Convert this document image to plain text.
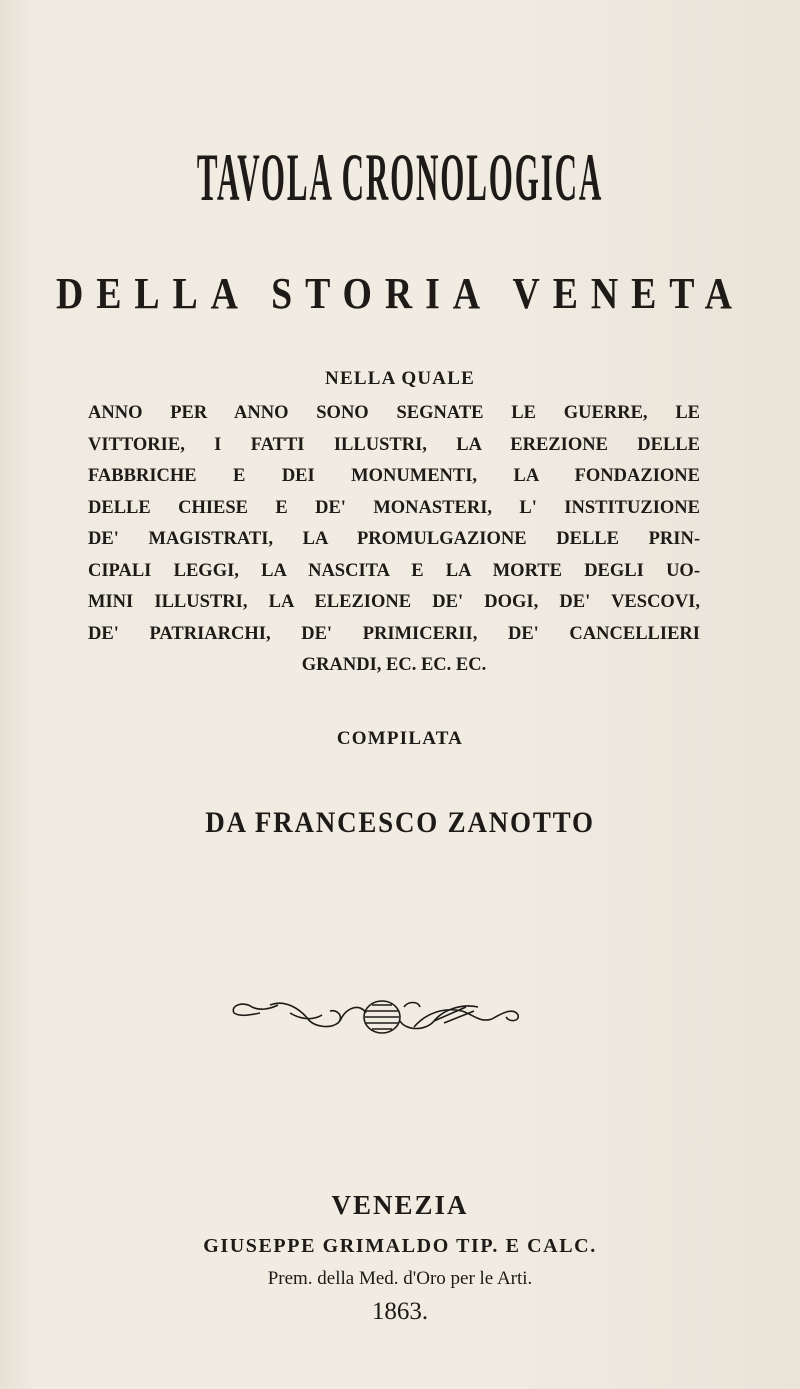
TAVOLA CRONOLOGICA
DELLA STORIA VENETA
NELLA QUALE
ANNO PER ANNO SONO SEGNATE LE GUERRE, LE
VITTORIE, I FATTI ILLUSTRI, LA EREZIONE DELLE
FABBRICHE E DEI MONUMENTI, LA FONDAZIONE
DELLE CHIESE E DE' MONASTERI, L' INSTITUZIONE
DE' MAGISTRATI, LA PROMULGAZIONE DELLE PRIN-
CIPALI LEGGI, LA NASCITA E LA MORTE DEGLI UO-
MINI ILLUSTRI, LA ELEZIONE DE' DOGI, DE' VESCOVI,
DE' PATRIARCHI, DE' PRIMICERII, DE' CANCELLIERI
GRANDI, EC. EC. EC.
COMPILATA
DA FRANCESCO ZANOTTO
VENEZIA
GIUSEPPE GRIMALDO TIP. E CALC.
Prem. della Med. d'Oro per le Arti.
1863.
